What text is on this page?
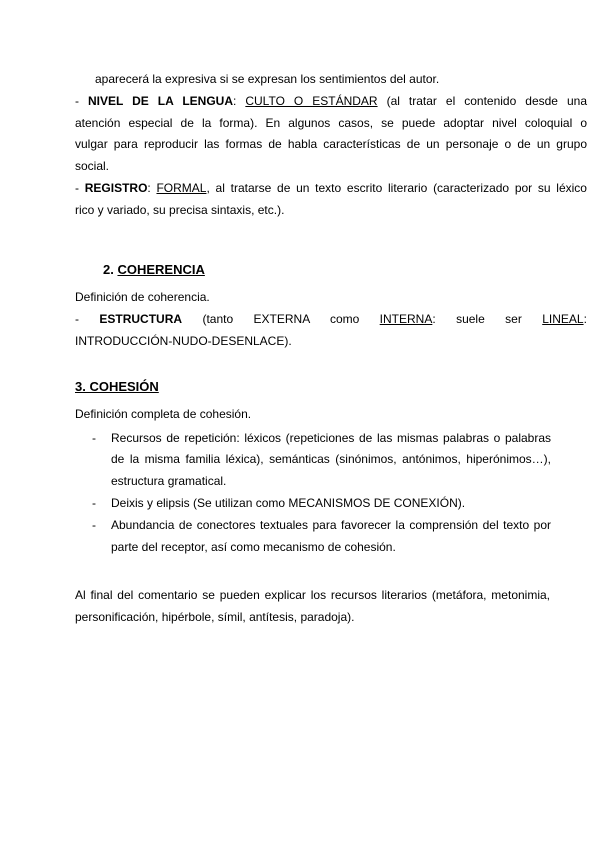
aparecerá la expresiva si se expresan los sentimientos del autor.
- NIVEL DE LA LENGUA: CULTO O ESTÁNDAR (al tratar el contenido desde una
atención especial de la forma). En algunos casos, se puede adoptar nivel coloquial o
vulgar para reproducir las formas de habla características de un personaje o de un grupo
social.
- REGISTRO: FORMAL, al tratarse de un texto escrito literario (caracterizado por su léxico
rico y variado, su precisa sintaxis, etc.).
2. COHERENCIA
Definición de coherencia.
- ESTRUCTURA (tanto EXTERNA como INTERNA: suele ser LINEAL:
INTRODUCCIÓN-NUDO-DESENLACE).
3. COHESIÓN
Definición completa de cohesión.
- Recursos de repetición: léxicos (repeticiones de las mismas palabras o palabras
de la misma familia léxica), semánticas (sinónimos, antónimos, hiperónimos…),
estructura gramatical.
- Deixis y elipsis (Se utilizan como MECANISMOS DE CONEXIÓN).
- Abundancia de conectores textuales para favorecer la comprensión del texto por
parte del receptor, así como mecanismo de cohesión.
Al final del comentario se pueden explicar los recursos literarios (metáfora, metonimia,
personificación, hipérbole, símil, antítesis, paradoja).
